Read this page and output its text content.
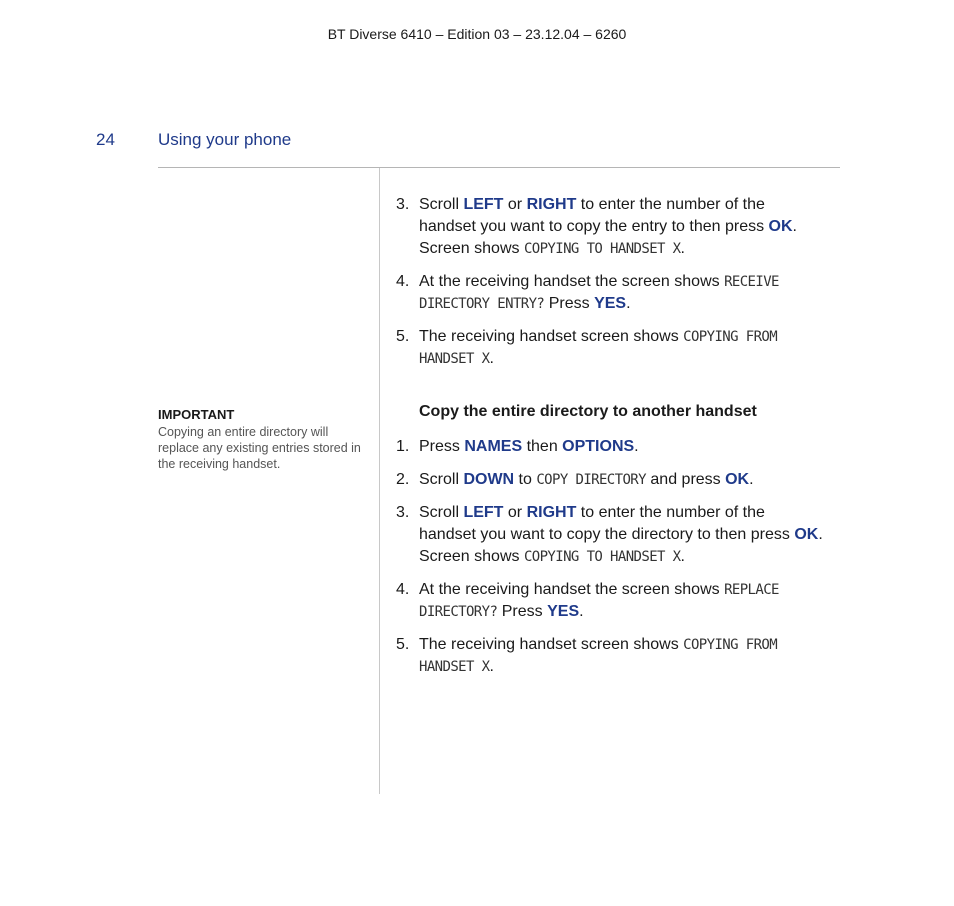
BT Diverse 6410 – Edition 03 – 23.12.04 – 6260
24	Using your phone

IMPORTANT

Copying an entire directory will replace any existing entries stored in the receiving handset.

3. Scroll LEFT or RIGHT to enter the number of the handset you want to copy the entry to then press OK. Screen shows COPYING TO HANDSET X.
4. At the receiving handset the screen shows RECEIVE DIRECTORY ENTRY? Press YES.
5. The receiving handset screen shows COPYING FROM HANDSET X.
Copy the entire directory to another handset
1. Press NAMES then OPTIONS.
2. Scroll DOWN to COPY DIRECTORY and press OK.
3. Scroll LEFT or RIGHT to enter the number of the handset you want to copy the directory to then press OK. Screen shows COPYING TO HANDSET X.
4. At the receiving handset the screen shows REPLACE DIRECTORY? Press YES.
5. The receiving handset screen shows COPYING FROM HANDSET X.
